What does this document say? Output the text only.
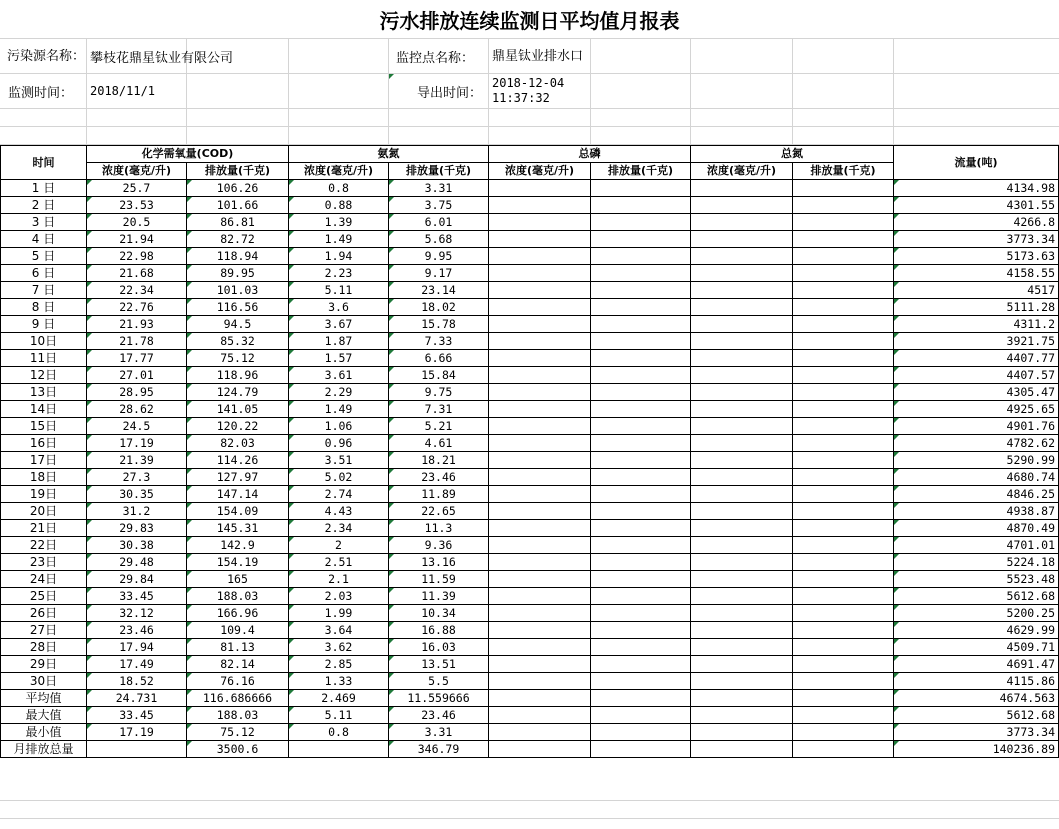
污水排放连续监测日平均值月报表
污染源名称： 攀枝花鼎星钛业有限公司	监控点名称：	鼎星钛业排水口
监测时间：	2018/11/1	导出时间：
2018-12-04 11:37:32
时间	化学需氧量(COD)		氨氮		总磷		总氮		流量(吨)
	浓度(毫克/升)	排放量(千克)	浓度(毫克/升)	排放量(千克)	浓度(毫克/升)	排放量(千克)	浓度(毫克/升)	排放量(千克)	
1 日	25.7	106.26	0.8	3.31					4134.98
2 日	23.53	101.66	0.88	3.75					4301.55
3 日	20.5	86.81	1.39	6.01					4266.8
4 日	21.94	82.72	1.49	5.68					3773.34
5 日	22.98	118.94	1.94	9.95					5173.63
6 日	21.68	89.95	2.23	9.17					4158.55
7 日	22.34	101.03	5.11	23.14					4517
8 日	22.76	116.56	3.6	18.02					5111.28
9 日	21.93	94.5	3.67	15.78					4311.2
10日	21.78	85.32	1.87	7.33					3921.75
11日	17.77	75.12	1.57	6.66					4407.77
12日	27.01	118.96	3.61	15.84					4407.57
13日	28.95	124.79	2.29	9.75					4305.47
14日	28.62	141.05	1.49	7.31					4925.65
15日	24.5	120.22	1.06	5.21					4901.76
16日	17.19	82.03	0.96	4.61					4782.62
17日	21.39	114.26	3.51	18.21					5290.99
18日	27.3	127.97	5.02	23.46					4680.74
19日	30.35	147.14	2.74	11.89					4846.25
20日	31.2	154.09	4.43	22.65					4938.87
21日	29.83	145.31	2.34	11.3					4870.49
22日	30.38	142.9	2	9.36					4701.01
23日	29.48	154.19	2.51	13.16					5224.18
24日	29.84	165	2.1	11.59					5523.48
25日	33.45	188.03	2.03	11.39					5612.68
26日	32.12	166.96	1.99	10.34					5200.25
27日	23.46	109.4	3.64	16.88					4629.99
28日	17.94	81.13	3.62	16.03					4509.71
29日	17.49	82.14	2.85	13.51					4691.47
30日	18.52	76.16	1.33	5.5					4115.86
平均值	24.731	116.686666	2.469	11.559666					4674.563
最大值	33.45	188.03	5.11	23.46					5612.68
最小值	17.19	75.12	0.8	3.31					3773.34
月排放总量		3500.6		346.79					140236.89
